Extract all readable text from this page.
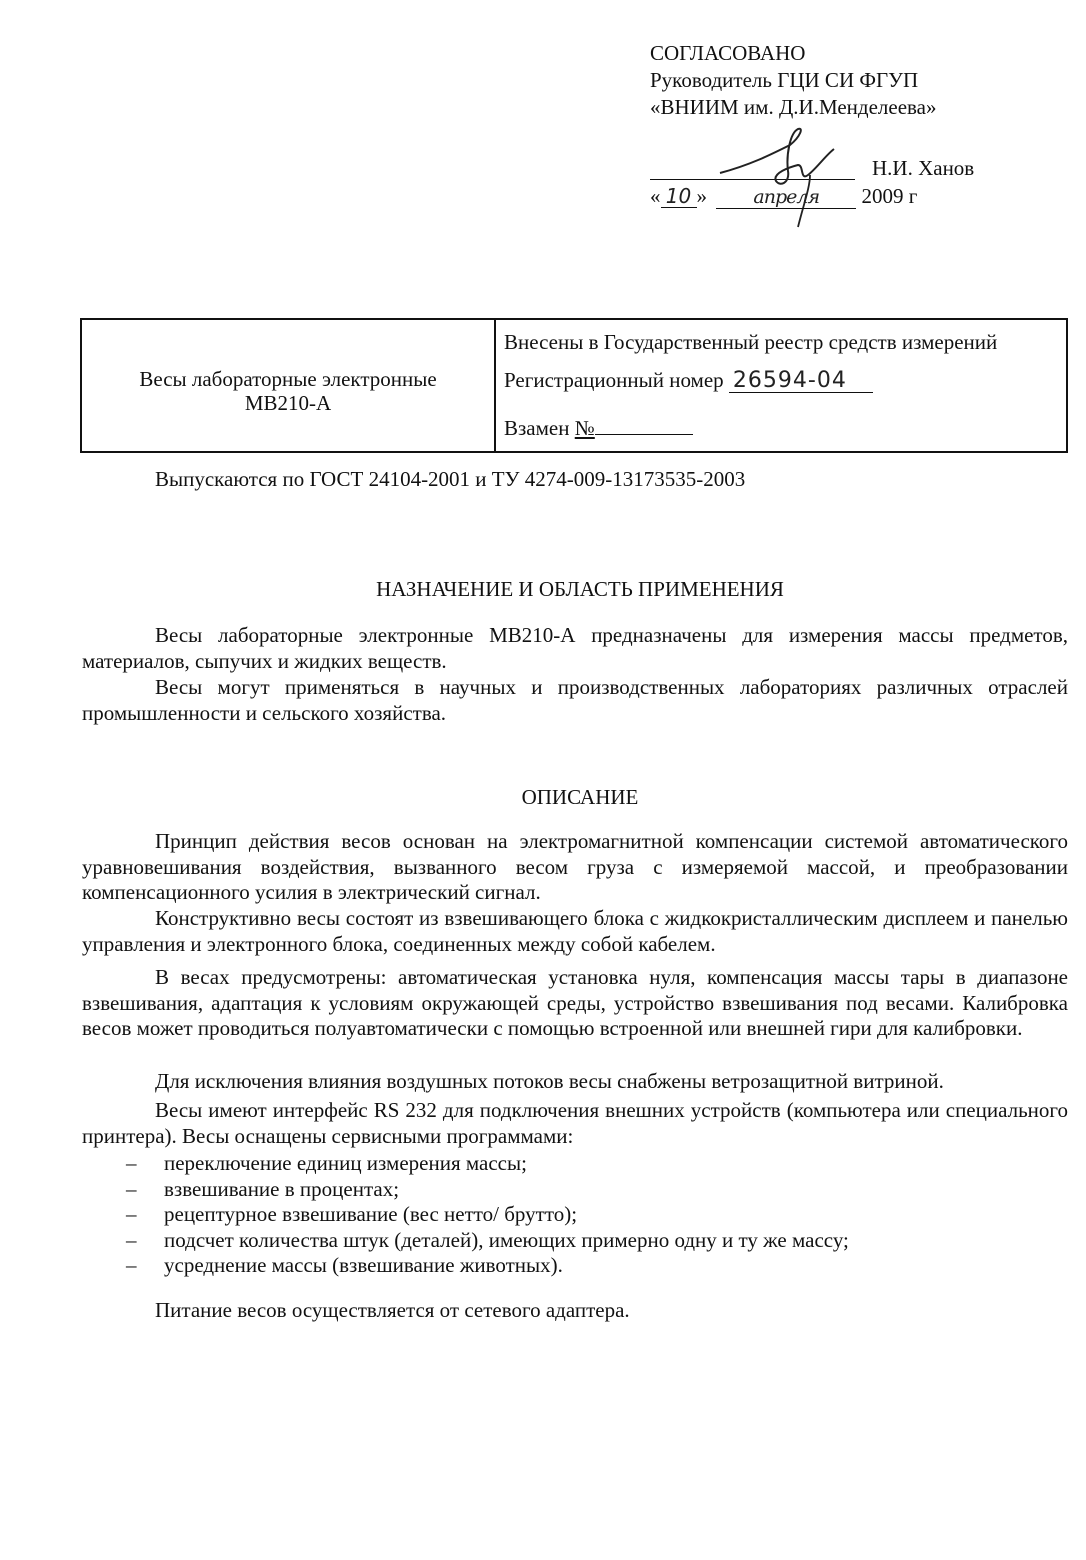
СОГЛАСОВАНО
Руководитель ГЦИ СИ ФГУП
«ВНИИМ им. Д.И.Менделеева»
Н.И. Ханов
« 10 » апреля 2009 г
Весы лабораторные электронные
МВ210-А
Внесены в Государственный реестр средств измерений
Регистрационный номер 26594-04
Взамен №
Выпускаются по ГОСТ 24104-2001 и ТУ 4274-009-13173535-2003
НАЗНАЧЕНИЕ И ОБЛАСТЬ ПРИМЕНЕНИЯ
Весы лабораторные электронные МВ210-А предназначены для измерения массы предметов, материалов, сыпучих и жидких веществ.
Весы могут применяться в научных и производственных лабораториях различных отраслей промышленности и сельского хозяйства.
ОПИСАНИЕ
Принцип действия весов основан на электромагнитной компенсации системой автоматического уравновешивания воздействия, вызванного весом груза с измеряемой массой, и преобразовании компенсационного усилия в электрический сигнал.
Конструктивно весы состоят из взвешивающего блока с жидкокристаллическим дисплеем и панелью управления и электронного блока, соединенных между собой кабелем.
В весах предусмотрены: автоматическая установка нуля, компенсация массы тары в диапазоне взвешивания, адаптация к условиям окружающей среды, устройство взвешивания под весами. Калибровка весов может проводиться полуавтоматически с помощью встроенной или внешней гири для калибровки.
Для исключения влияния воздушных потоков весы снабжены ветрозащитной витриной.
Весы имеют интерфейс RS 232 для подключения внешних устройств (компьютера или специального принтера). Весы оснащены сервисными программами:
– переключение единиц измерения массы;
– взвешивание в процентах;
– рецептурное взвешивание (вес нетто/ брутто);
– подсчет количества штук (деталей), имеющих примерно одну и ту же массу;
– усреднение массы (взвешивание животных).
Питание весов осуществляется от сетевого адаптера.
